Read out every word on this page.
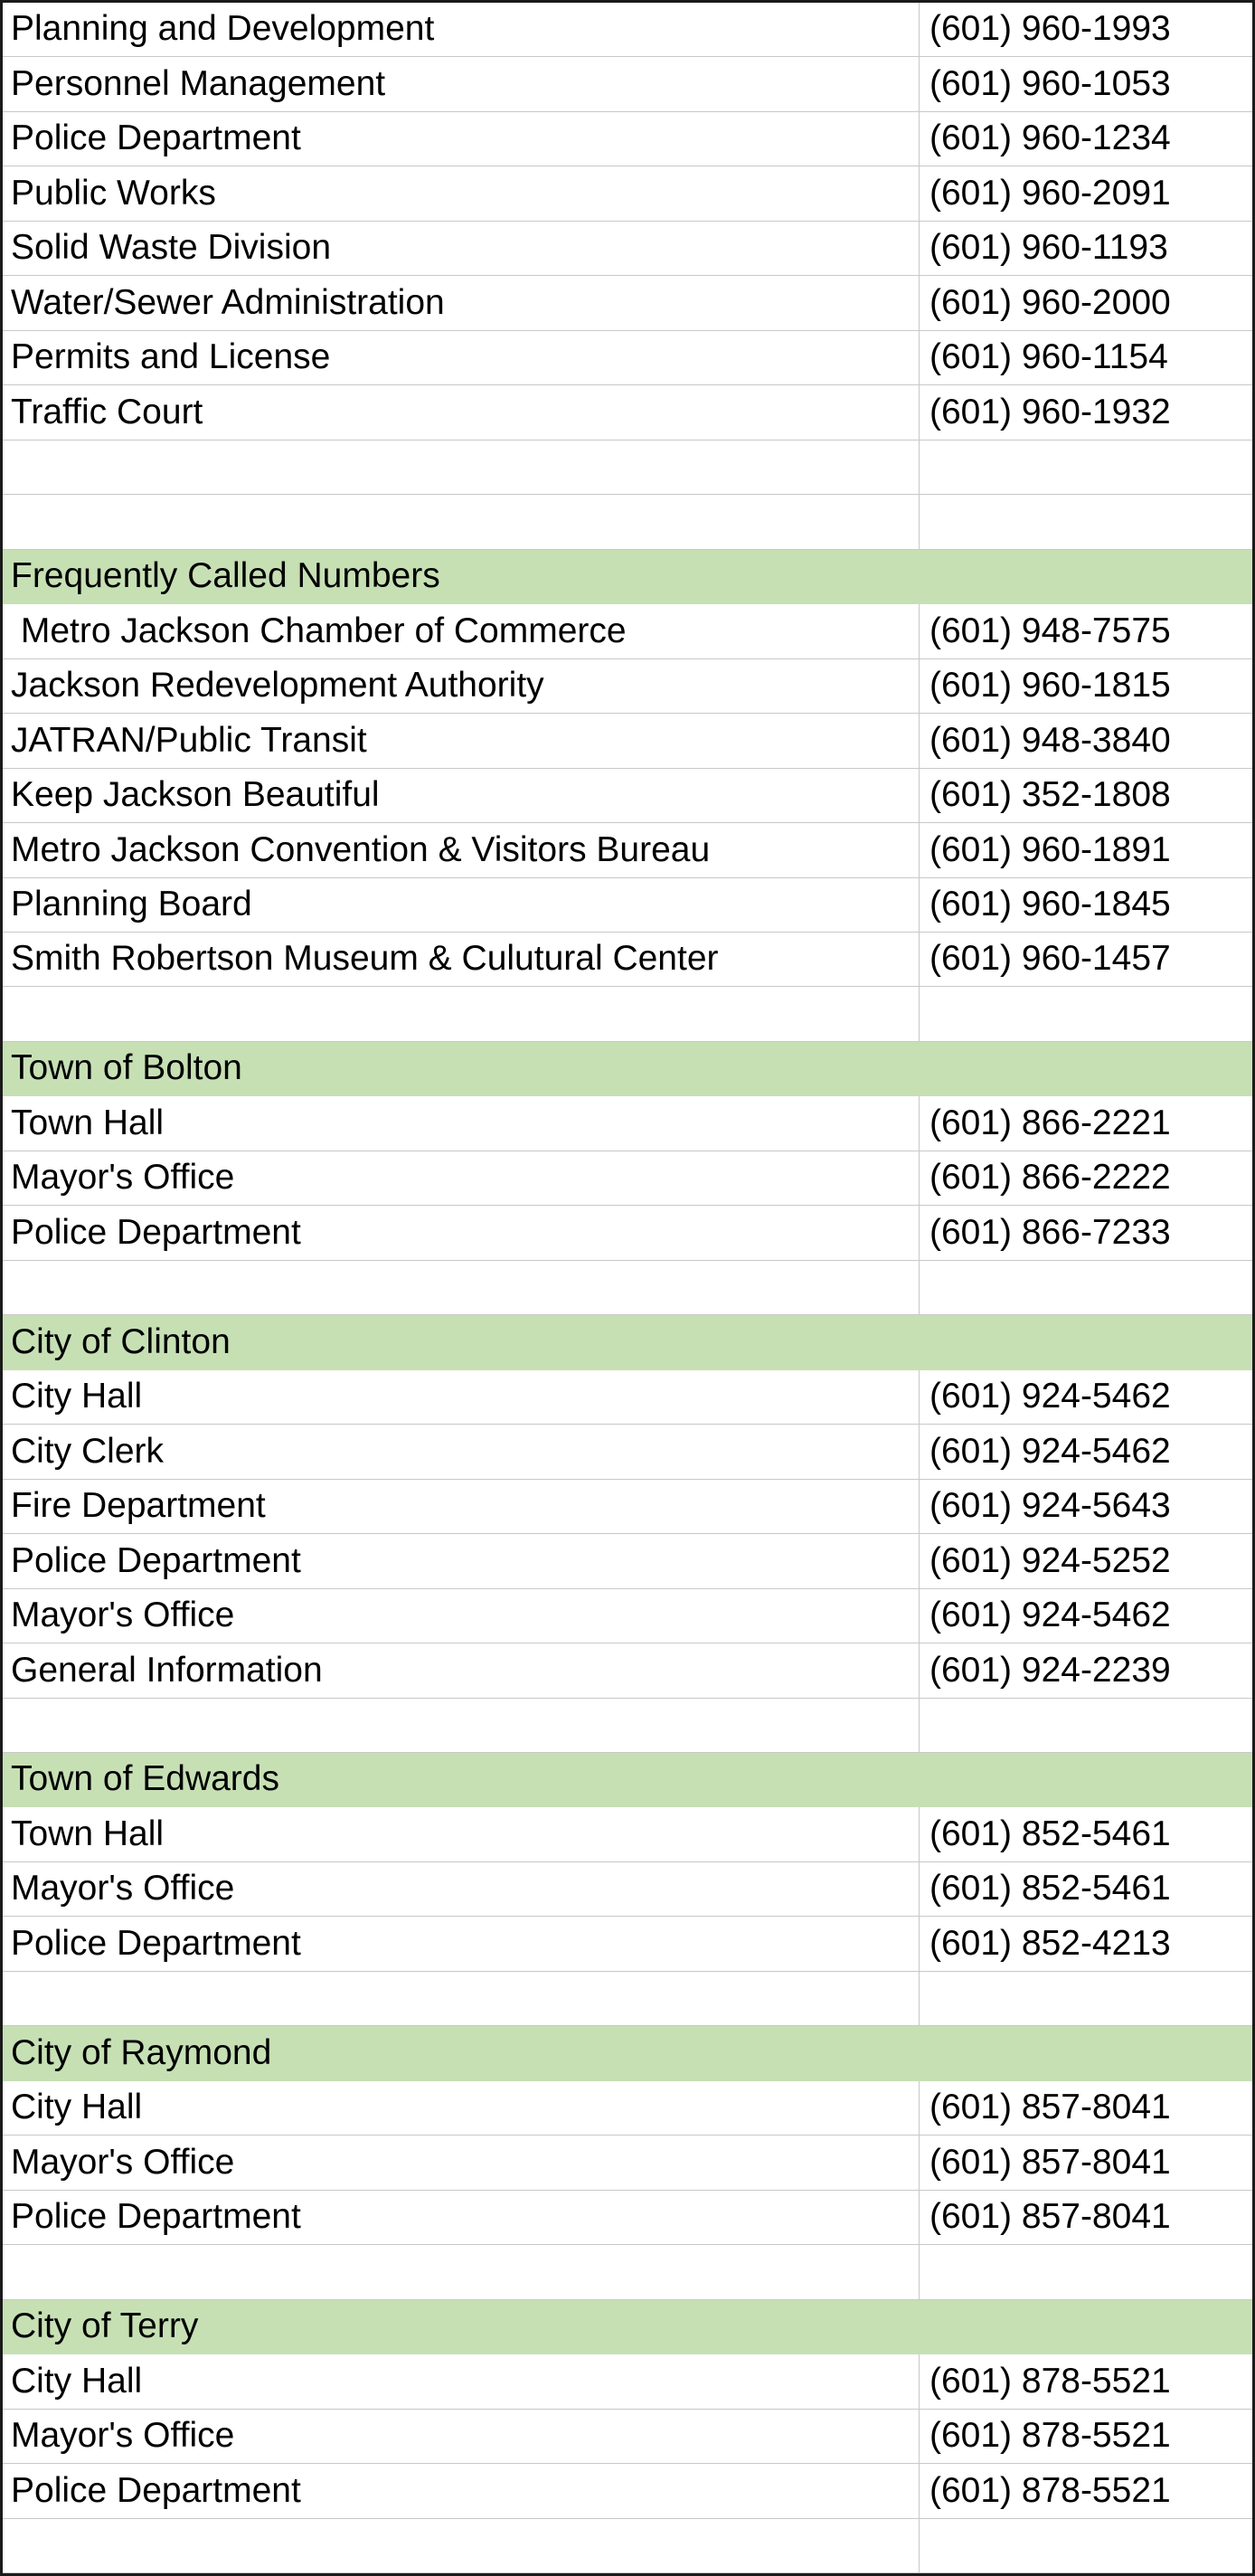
Planning and Development	(601) 960-1993
Personnel Management	(601) 960-1053
Police Department	(601) 960-1234
Public Works	(601) 960-2091
Solid Waste Division	(601) 960-1193
Water/Sewer Administration	(601) 960-2000
Permits and License	(601) 960-1154
Traffic Court	(601) 960-1932
Frequently Called Numbers
Metro Jackson Chamber of Commerce	(601) 948-7575
Jackson Redevelopment Authority	(601) 960-1815
JATRAN/Public Transit	(601) 948-3840
Keep Jackson Beautiful	(601) 352-1808
Metro Jackson Convention & Visitors Bureau	(601) 960-1891
Planning Board	(601) 960-1845
Smith Robertson Museum & Culutural Center	(601) 960-1457
Town of Bolton
Town Hall	(601) 866-2221
Mayor's Office	(601) 866-2222
Police Department	(601) 866-7233
City of Clinton
City Hall	(601) 924-5462
City Clerk	(601) 924-5462
Fire Department	(601) 924-5643
Police Department	(601) 924-5252
Mayor's Office	(601) 924-5462
General Information	(601) 924-2239
Town of Edwards
Town Hall	(601) 852-5461
Mayor's Office	(601) 852-5461
Police Department	(601) 852-4213
City of Raymond
City Hall	(601) 857-8041
Mayor's Office	(601) 857-8041
Police Department	(601) 857-8041
City of Terry
City Hall	(601) 878-5521
Mayor's Office	(601) 878-5521
Police Department	(601) 878-5521
